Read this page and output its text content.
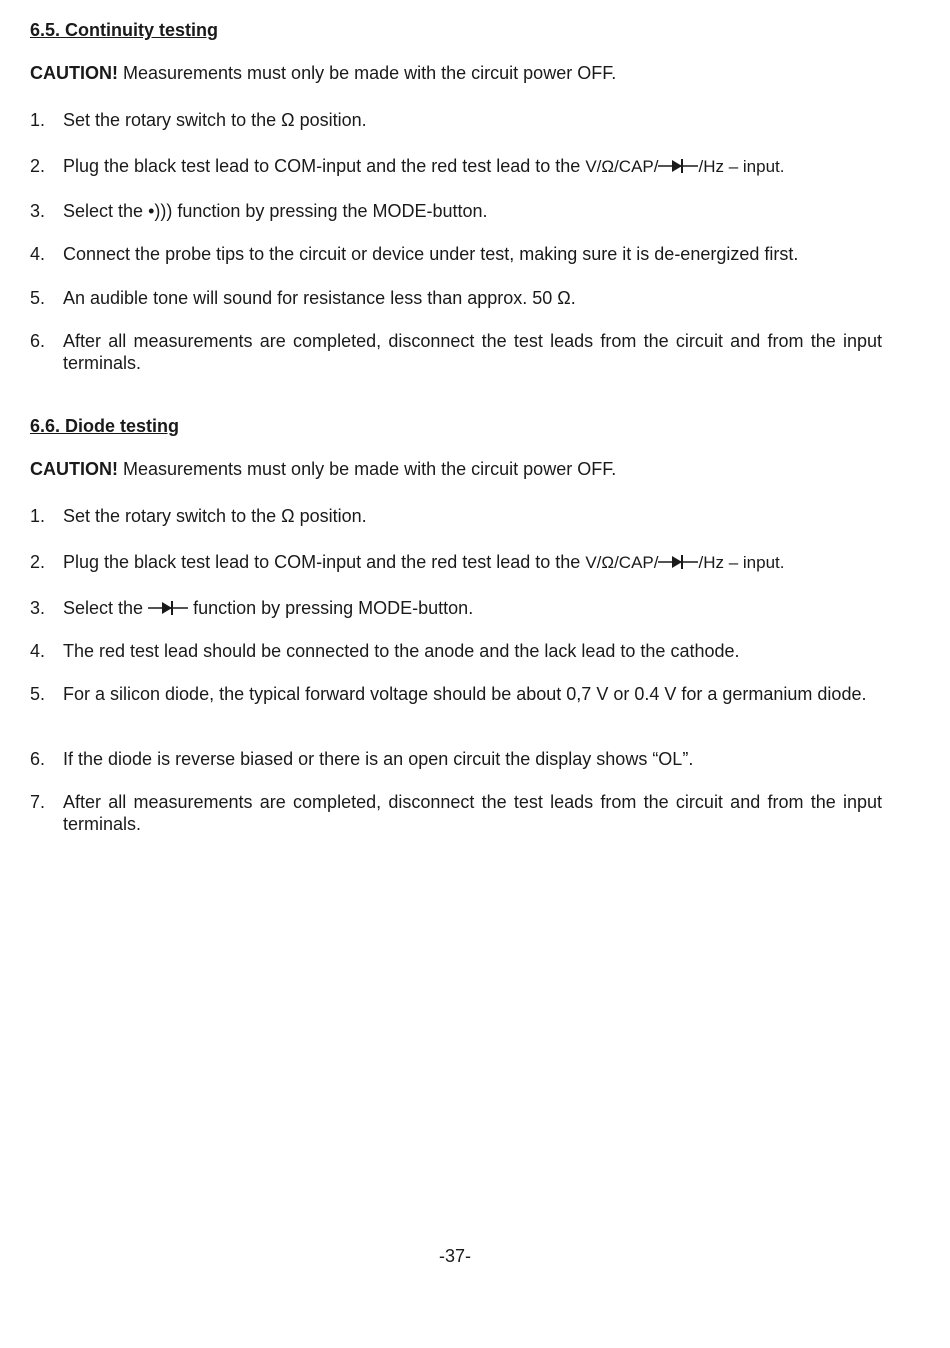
6.5. Continuity testing
CAUTION! Measurements must only be made with the circuit power OFF.
1. Set the rotary switch to the Ω position.
2. Plug the black test lead to COM-input and the red test lead to the V/Ω/CAP/ /Hz – input.
3. Select the •))) function by pressing the MODE-button.
4. Connect the probe tips to the circuit or device under test, making sure it is de-energized first.
5. An audible tone will sound for resistance less than approx. 50 Ω.
6. After all measurements are completed, disconnect the test leads from the circuit and from the input terminals.
6.6. Diode testing
CAUTION! Measurements must only be made with the circuit power OFF.
1. Set the rotary switch to the Ω position.
2. Plug the black test lead to COM-input and the red test lead to the V/Ω/CAP/ /Hz – input.
3. Select the  function by pressing MODE-button.
4. The red test lead should be connected to the anode and the lack lead to the cathode.
5. For a silicon diode, the typical forward voltage should be about 0,7 V or 0.4 V for a germanium diode.
6. If the diode is reverse biased or there is an open circuit the display shows “OL”.
7. After all measurements are completed, disconnect the test leads from the circuit and from the input terminals.
-37-
